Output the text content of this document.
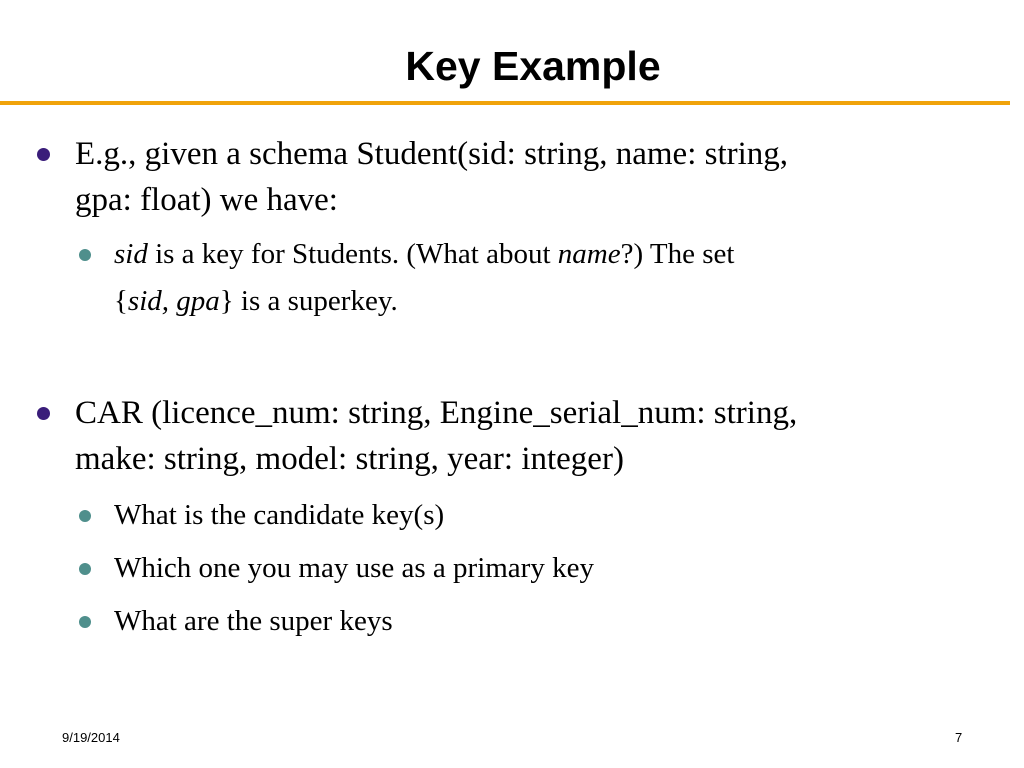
Key Example
E.g., given a schema Student(sid: string, name: string,
gpa: float) we have:
sid is a key for Students. (What about name?) The set
{sid, gpa} is a superkey.
CAR (licence_num: string, Engine_serial_num: string,
make: string, model: string, year: integer)
What is the candidate key(s)
Which one you may use as a primary key
What are the super keys
9/19/2014	7
